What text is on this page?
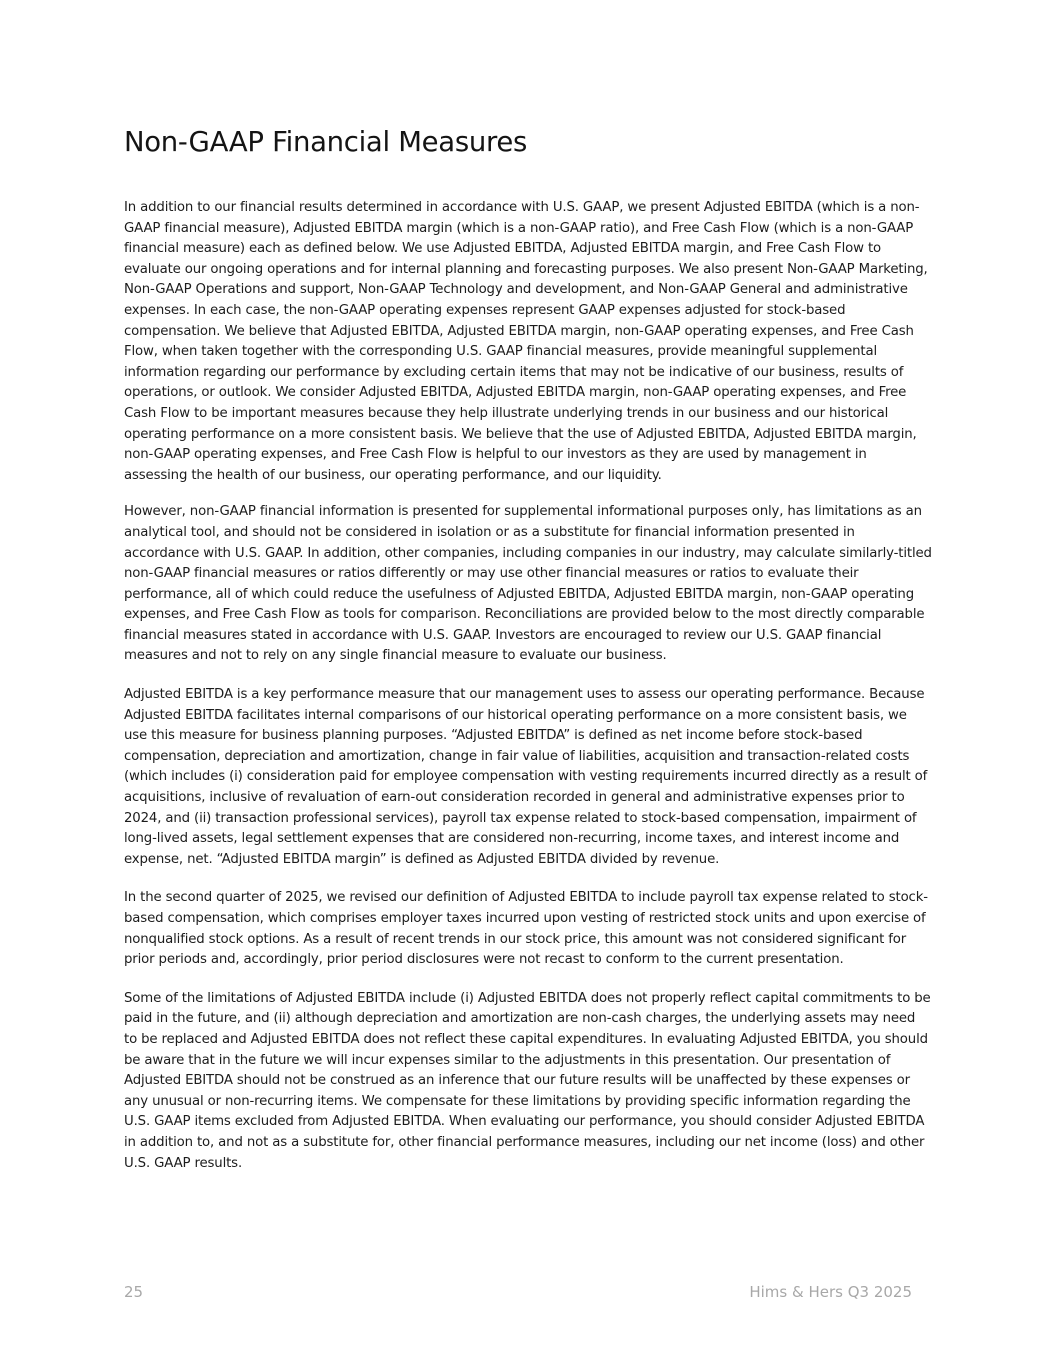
Non-GAAP Financial Measures

In addition to our financial results determined in accordance with U.S. GAAP, we present Adjusted EBITDA (which is a non-GAAP financial measure), Adjusted EBITDA margin (which is a non-GAAP ratio), and Free Cash Flow (which is a non-GAAP financial measure) each as defined below. We use Adjusted EBITDA, Adjusted EBITDA margin, and Free Cash Flow to evaluate our ongoing operations and for internal planning and forecasting purposes. We also present Non-GAAP Marketing, Non-GAAP Operations and support, Non-GAAP Technology and development, and Non-GAAP General and administrative expenses. In each case, the non-GAAP operating expenses represent GAAP expenses adjusted for stock-based compensation. We believe that Adjusted EBITDA, Adjusted EBITDA margin, non-GAAP operating expenses, and Free Cash Flow, when taken together with the corresponding U.S. GAAP financial measures, provide meaningful supplemental information regarding our performance by excluding certain items that may not be indicative of our business, results of operations, or outlook. We consider Adjusted EBITDA, Adjusted EBITDA margin, non-GAAP operating expenses, and Free Cash Flow to be important measures because they help illustrate underlying trends in our business and our historical operating performance on a more consistent basis. We believe that the use of Adjusted EBITDA, Adjusted EBITDA margin, non-GAAP operating expenses, and Free Cash Flow is helpful to our investors as they are used by management in assessing the health of our business, our operating performance, and our liquidity.

However, non-GAAP financial information is presented for supplemental informational purposes only, has limitations as an analytical tool, and should not be considered in isolation or as a substitute for financial information presented in accordance with U.S. GAAP. In addition, other companies, including companies in our industry, may calculate similarly-titled non-GAAP financial measures or ratios differently or may use other financial measures or ratios to evaluate their performance, all of which could reduce the usefulness of Adjusted EBITDA, Adjusted EBITDA margin, non-GAAP operating expenses, and Free Cash Flow as tools for comparison. Reconciliations are provided below to the most directly comparable financial measures stated in accordance with U.S. GAAP. Investors are encouraged to review our U.S. GAAP financial measures and not to rely on any single financial measure to evaluate our business.

Adjusted EBITDA is a key performance measure that our management uses to assess our operating performance. Because Adjusted EBITDA facilitates internal comparisons of our historical operating performance on a more consistent basis, we use this measure for business planning purposes. “Adjusted EBITDA” is defined as net income before stock-based compensation, depreciation and amortization, change in fair value of liabilities, acquisition and transaction-related costs (which includes (i) consideration paid for employee compensation with vesting requirements incurred directly as a result of acquisitions, inclusive of revaluation of earn-out consideration recorded in general and administrative expenses prior to 2024, and (ii) transaction professional services), payroll tax expense related to stock-based compensation, impairment of long-lived assets, legal settlement expenses that are considered non-recurring, income taxes, and interest income and expense, net. “Adjusted EBITDA margin” is defined as Adjusted EBITDA divided by revenue.

In the second quarter of 2025, we revised our definition of Adjusted EBITDA to include payroll tax expense related to stock-based compensation, which comprises employer taxes incurred upon vesting of restricted stock units and upon exercise of nonqualified stock options. As a result of recent trends in our stock price, this amount was not considered significant for prior periods and, accordingly, prior period disclosures were not recast to conform to the current presentation.

Some of the limitations of Adjusted EBITDA include (i) Adjusted EBITDA does not properly reflect capital commitments to be paid in the future, and (ii) although depreciation and amortization are non-cash charges, the underlying assets may need to be replaced and Adjusted EBITDA does not reflect these capital expenditures. In evaluating Adjusted EBITDA, you should be aware that in the future we will incur expenses similar to the adjustments in this presentation. Our presentation of Adjusted EBITDA should not be construed as an inference that our future results will be unaffected by these expenses or any unusual or non-recurring items. We compensate for these limitations by providing specific information regarding the U.S. GAAP items excluded from Adjusted EBITDA. When evaluating our performance, you should consider Adjusted EBITDA in addition to, and not as a substitute for, other financial performance measures, including our net income (loss) and other U.S. GAAP results.

25	Hims & Hers Q3 2025
